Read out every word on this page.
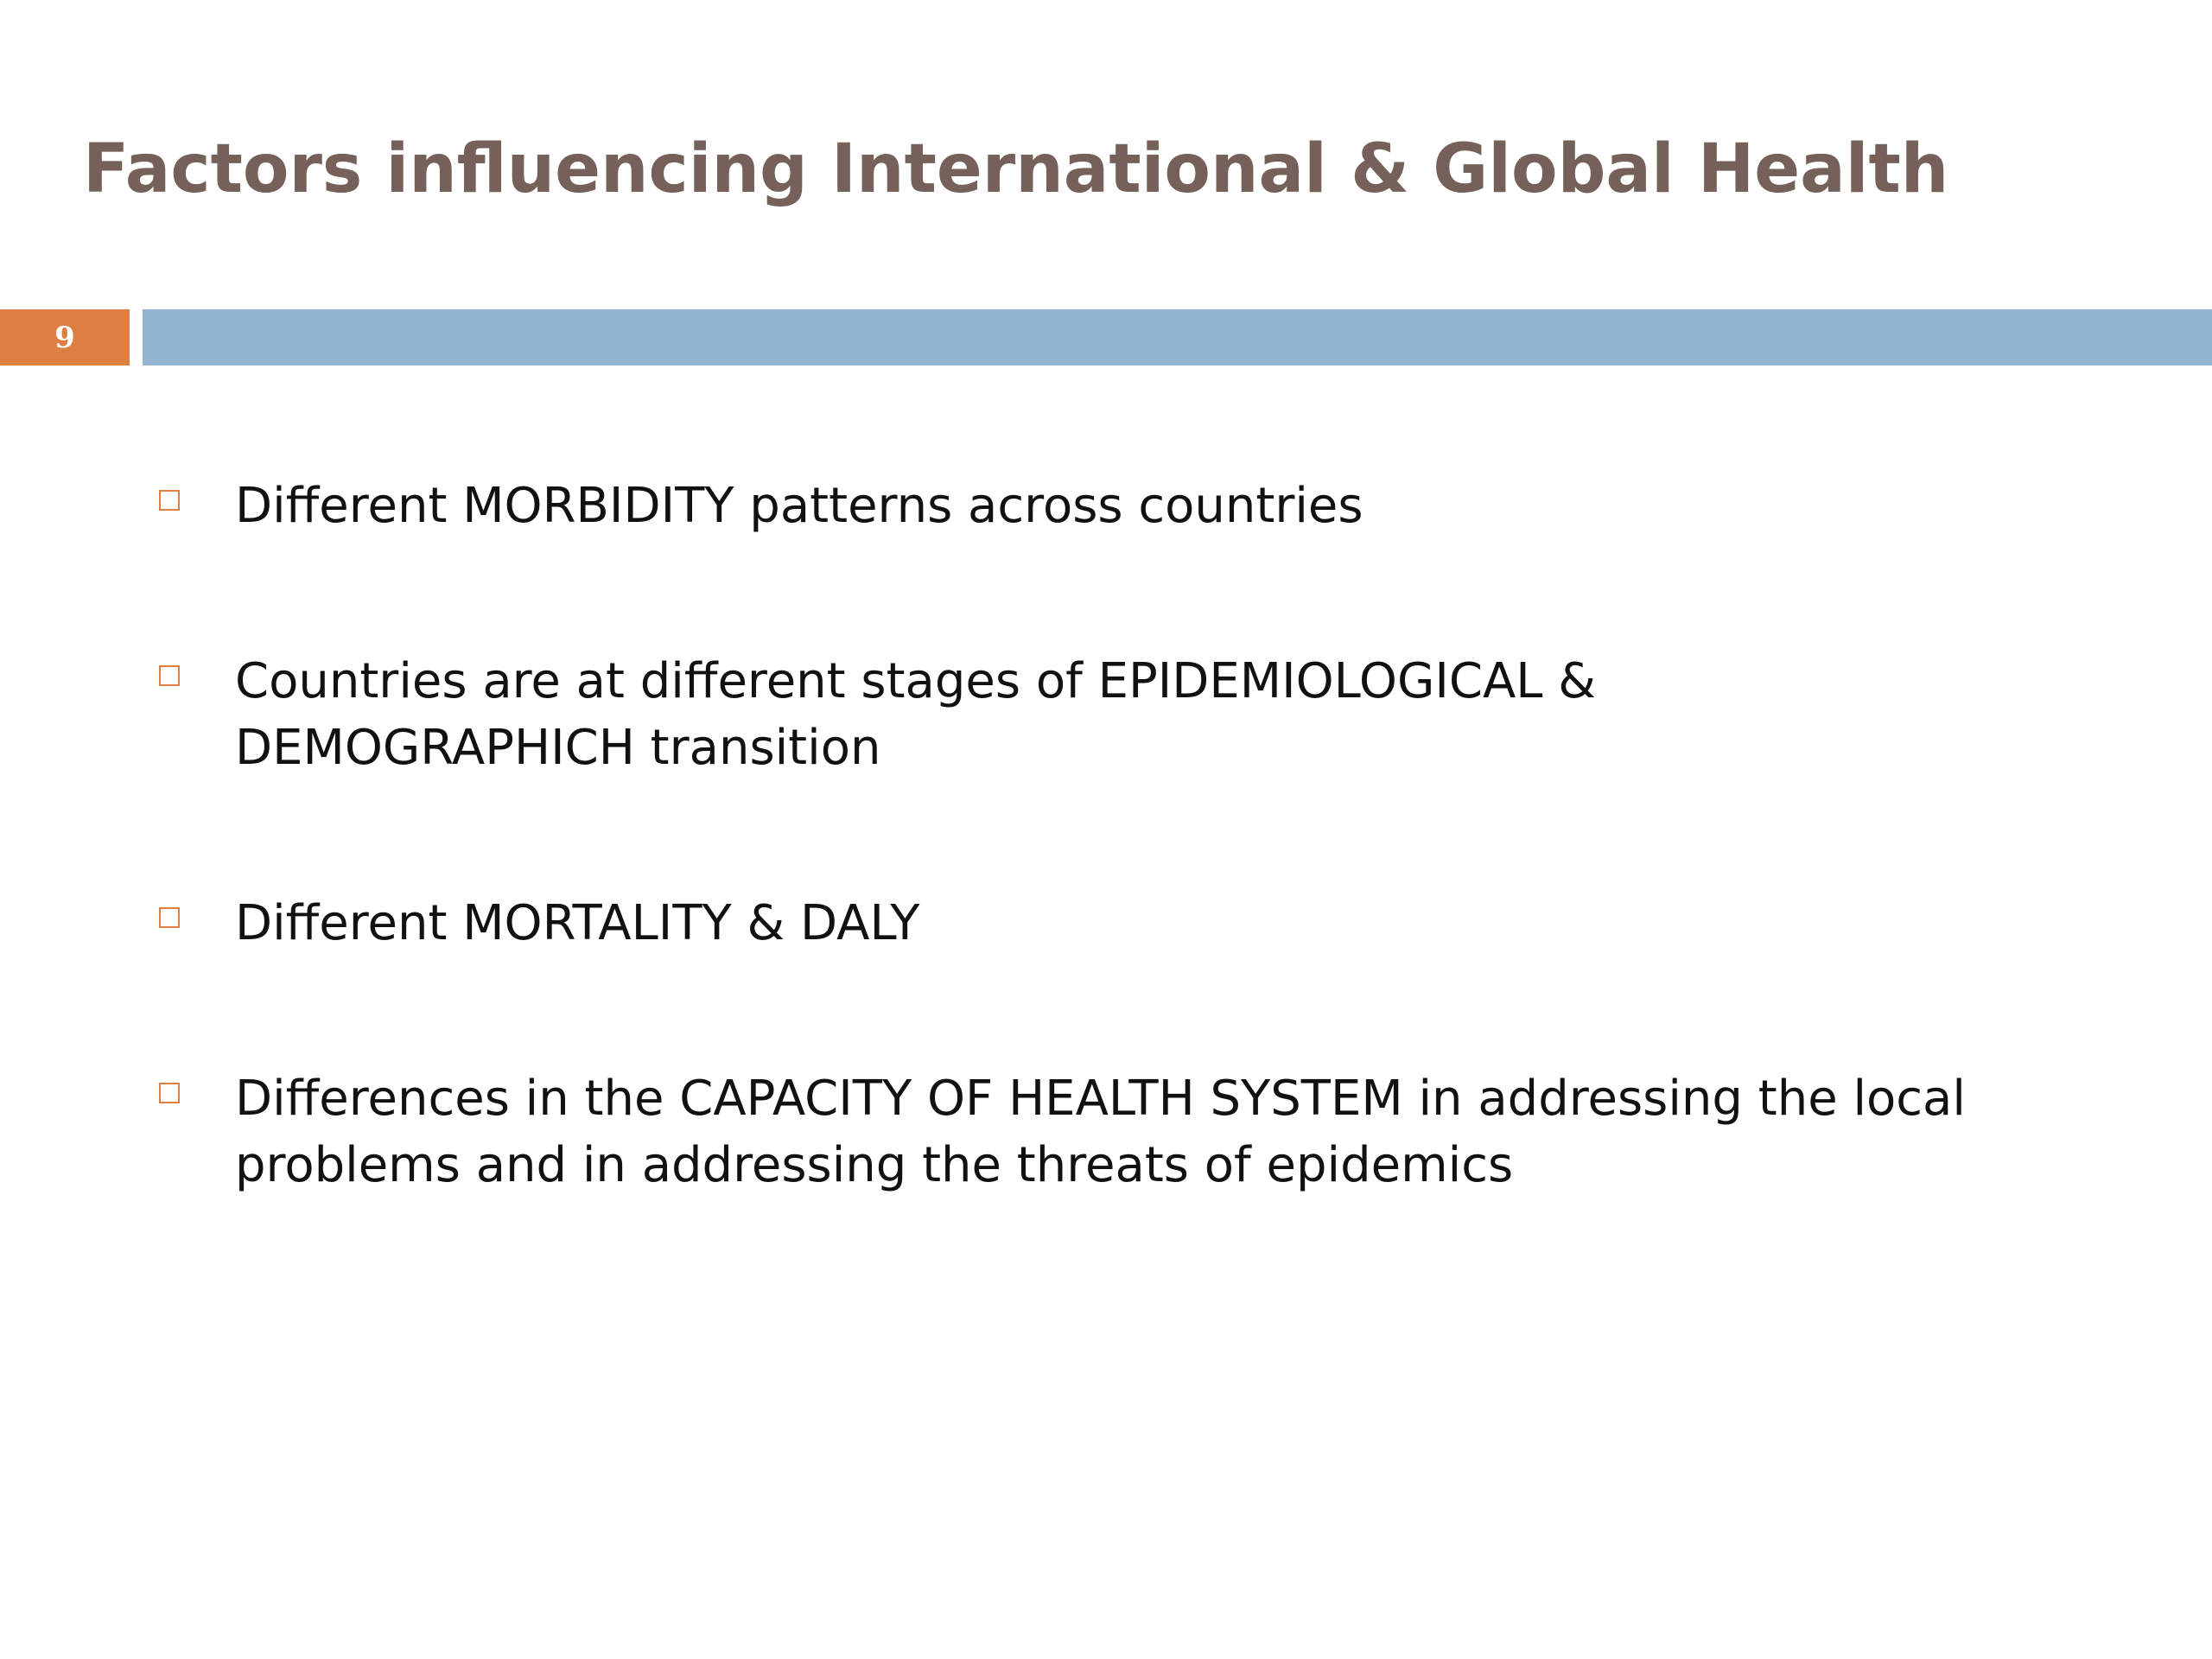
Factors influencing International & Global Health
9
Different MORBIDITY patterns across countries
Countries are at different stages of EPIDEMIOLOGICAL & DEMOGRAPHICH transition
Different MORTALITY & DALY
Differences in the CAPACITY OF HEALTH SYSTEM in addressing the local problems and in addressing the threats of epidemics
